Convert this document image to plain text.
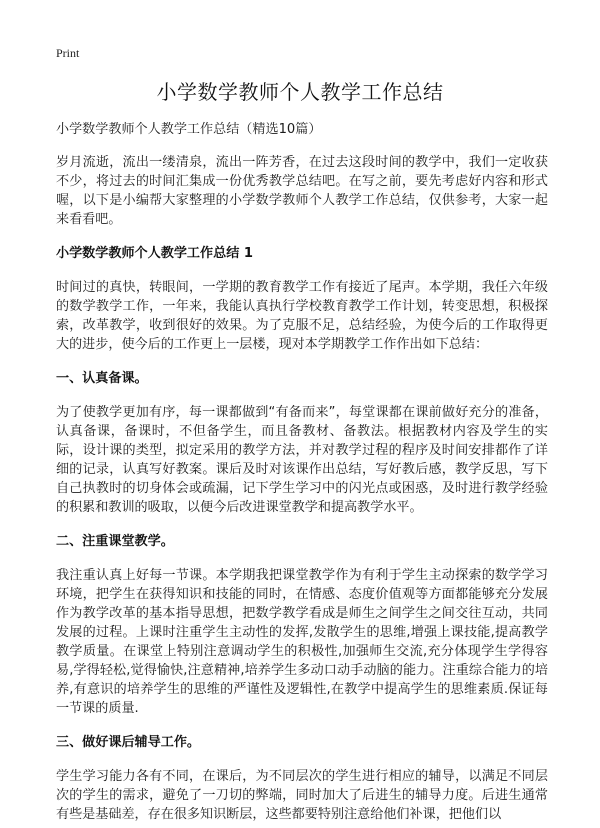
Print
小学数学教师个人教学工作总结

小学数学教师个人教学工作总结（精选10篇）

岁月流逝，流出一缕清泉，流出一阵芳香，在过去这段时间的教学中，我们一定收获不少，将过去的时间汇集成一份优秀教学总结吧。在写之前，要先考虑好内容和形式喔，以下是小编帮大家整理的小学数学教师个人教学工作总结，仅供参考，大家一起来看看吧。

小学数学教师个人教学工作总结 1

时间过的真快，转眼间，一学期的教育教学工作有接近了尾声。本学期，我任六年级的数学教学工作，一年来，我能认真执行学校教育教学工作计划，转变思想，积极探索，改革教学，收到很好的效果。为了克服不足，总结经验，为使今后的工作取得更大的进步，使今后的工作更上一层楼，现对本学期教学工作作出如下总结：

一、认真备课。

为了使教学更加有序，每一课都做到“有备而来”，每堂课都在课前做好充分的准备，认真备课，备课时，不但备学生，而且备教材、备教法。根据教材内容及学生的实际，设计课的类型，拟定采用的教学方法，并对教学过程的程序及时间安排都作了详细的记录，认真写好教案。课后及时对该课作出总结，写好教后感，教学反思，写下自己执教时的切身体会或疏漏，记下学生学习中的闪光点或困惑，及时进行教学经验的积累和教训的吸取，以便今后改进课堂教学和提高教学水平。

二、注重课堂教学。

我注重认真上好每一节课。本学期我把课堂教学作为有利于学生主动探索的数学学习环境，把学生在获得知识和技能的同时，在情感、态度价值观等方面都能够充分发展作为教学改革的基本指导思想，把数学教学看成是师生之间学生之间交往互动，共同发展的过程。上课时注重学生主动性的发挥,发散学生的思维,增强上课技能,提高教学教学质量。在课堂上特别注意调动学生的积极性,加强师生交流,充分体现学生学得容易,学得轻松,觉得愉快,注意精神,培养学生多动口动手动脑的能力。注重综合能力的培养,有意识的培养学生的思维的严谨性及逻辑性,在教学中提高学生的思维素质.保证每一节课的质量.

三、做好课后辅导工作。

学生学习能力各有不同，在课后，为不同层次的学生进行相应的辅导，以满足不同层次的学生的需求，避免了一刀切的弊端，同时加大了后进生的辅导力度。后进生通常有些是基础差，存在很多知识断层，这些都要特别注意给他们补课，把他们以
